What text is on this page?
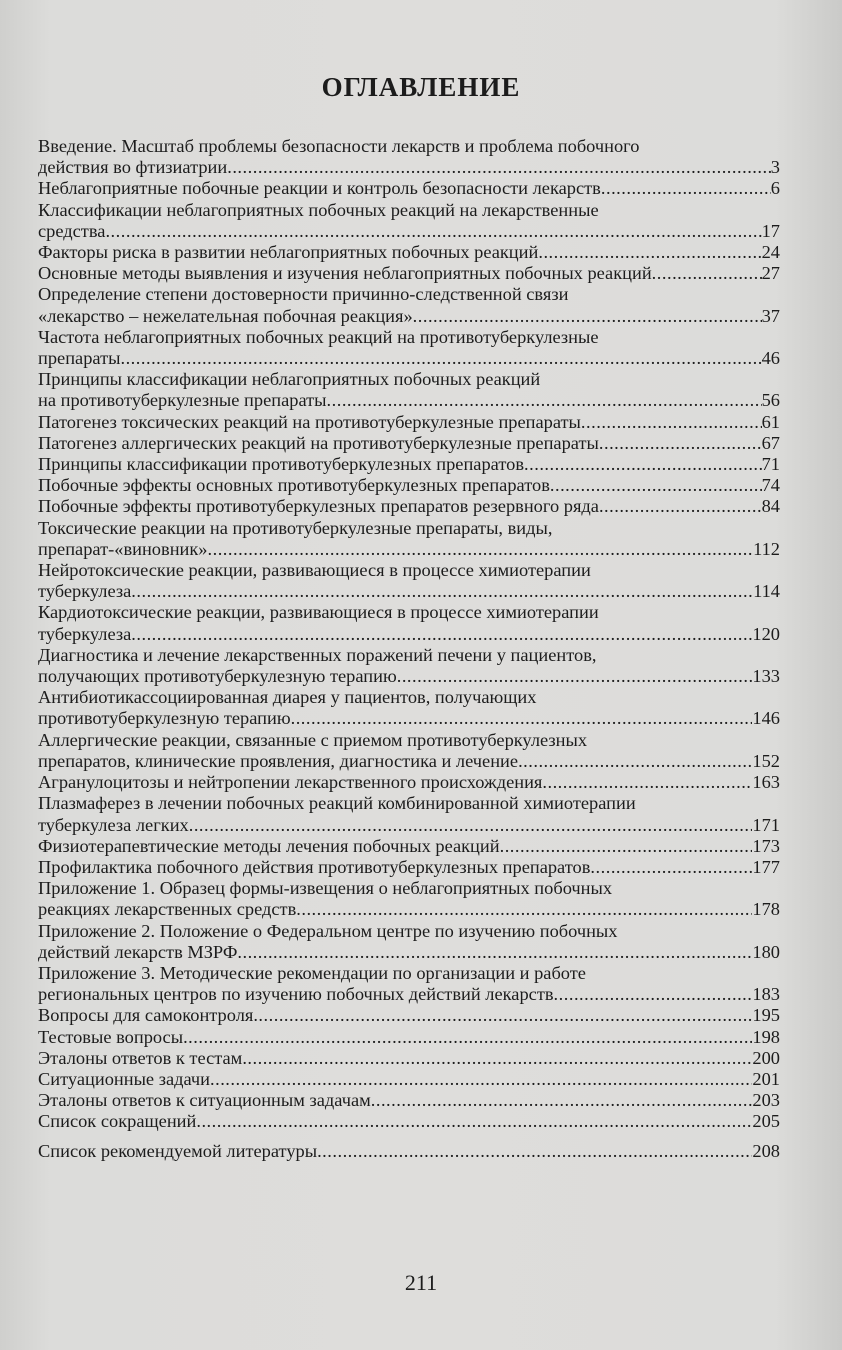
ОГЛАВЛЕНИЕ
Введение. Масштаб проблемы безопасности лекарств и проблема побочного
действия во фтизиатрии .....	3
Неблагоприятные побочные реакции и контроль безопасности лекарств .....	6
Классификации неблагоприятных побочных реакций на лекарственные
средства .....	17
Факторы риска в развитии неблагоприятных побочных реакций .....	24
Основные методы выявления и изучения неблагоприятных побочных реакций .....	27
Определение степени достоверности причинно-следственной связи
«лекарство – нежелательная побочная реакция» .....	37
Частота неблагоприятных побочных реакций на противотуберкулезные
препараты .....	46
Принципы классификации неблагоприятных побочных реакций
на противотуберкулезные препараты .....	56
Патогенез токсических реакций на противотуберкулезные препараты .....	61
Патогенез аллергических реакций на противотуберкулезные препараты .....	67
Принципы классификации противотуберкулезных препаратов .....	71
Побочные эффекты основных противотуберкулезных препаратов .....	74
Побочные эффекты противотуберкулезных препаратов резервного ряда .....	84
Токсические реакции на противотуберкулезные препараты, виды,
препарат-«виновник» .....	112
Нейротоксические реакции, развивающиеся в процессе химиотерапии
туберкулеза .....	114
Кардиотоксические реакции, развивающиеся в процессе химиотерапии
туберкулеза .....	120
Диагностика и лечение лекарственных поражений печени у пациентов,
получающих противотуберкулезную терапию .....	133
Антибиотикассоциированная диарея у пациентов, получающих
противотуберкулезную терапию .....	146
Аллергические реакции, связанные с приемом противотуберкулезных
препаратов, клинические проявления, диагностика и лечение .....	152
Агранулоцитозы и нейтропении лекарственного происхождения .....	163
Плазмаферез в лечении побочных реакций комбинированной химиотерапии
туберкулеза легких .....	171
Физиотерапевтические методы лечения побочных реакций .....	173
Профилактика побочного действия противотуберкулезных препаратов .....	177
Приложение 1. Образец формы-извещения о неблагоприятных побочных
реакциях лекарственных средств .....	178
Приложение 2. Положение о Федеральном центре по изучению побочных
действий лекарств МЗРФ .....	180
Приложение 3. Методические рекомендации по организации и работе
региональных центров по изучению побочных действий лекарств .....	183
Вопросы для самоконтроля .....	195
Тестовые вопросы .....	198
Эталоны ответов к тестам .....	200
Ситуационные задачи .....	201
Эталоны ответов к ситуационным задачам .....	203
Список сокращений .....	205
Список рекомендуемой литературы .....	208
211
